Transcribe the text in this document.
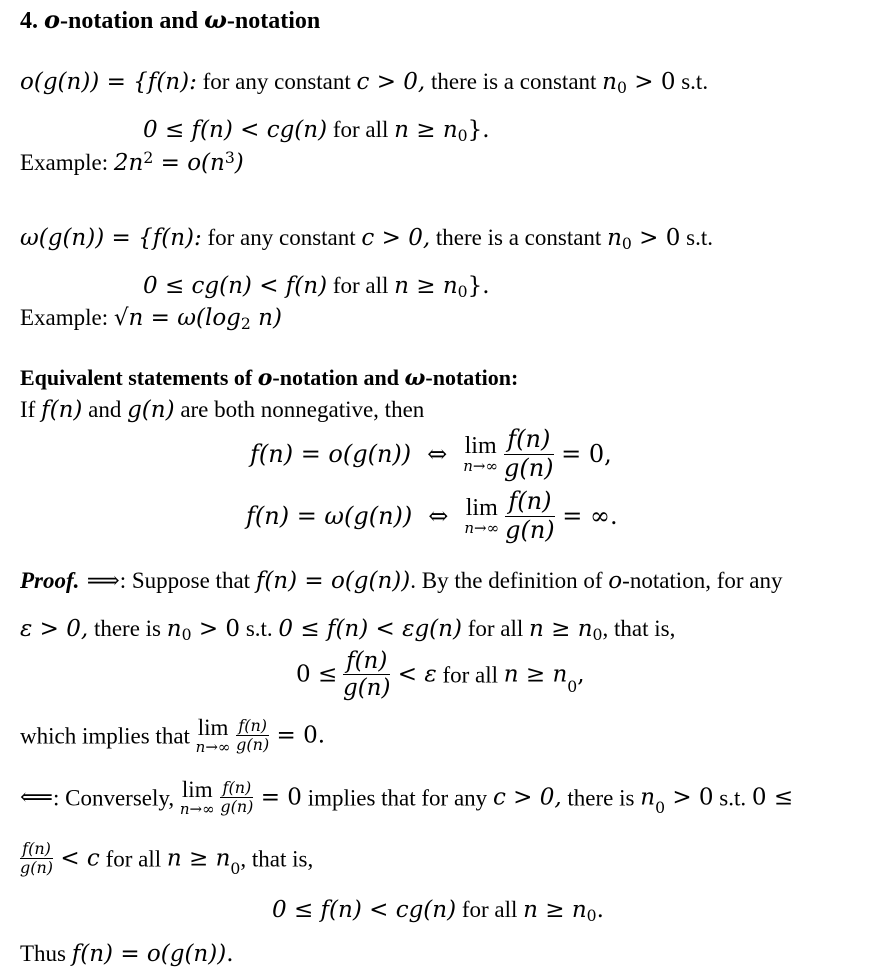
4. o-notation and ω-notation
o(g(n)) = {f(n): for any constant c > 0, there is a constant $n_0 > 0$ s.t.
0 ≤ f(n) < cg(n) for all $n \ge n_0$}.
Example: $2n^2 = o(n^3)$
ω(g(n)) = {f(n): for any constant c > 0, there is a constant $n_0 > 0$ s.t.
0 ≤ cg(n) < f(n) for all $n \ge n_0$}.
Example: $√n = \omega(\log_2$ n)
Equivalent statements of o-notation and ω-notation:
If f(n) and g(n) are both nonnegative, then
f(n) = o(g(n)) ⇔ lim
n→∞
$\frac{f(n)}{g(n)} = 0$,
f(n) = ω(g(n)) ⇔ lim
n→∞
$\frac{f(n)}{g(n)}$ = ∞.
Proof. ⟹: Suppose that f(n) = o(g(n)). By the definition of o-notation, for any
ε > 0, there is $n_0 > 0$ s.t. 0 ≤ f(n) < εg(n) for all $n \ge n_0$, that is,
$0 \le \frac{f(n)}{g(n)} < \varepsilon$ for all $n \ge n_0$,
which implies that lim
n→∞
$\frac{f(n)}{g(n)} = 0$.
⟸: Conversely, lim
n→∞
$\frac{f(n)}{g(n)} = 0$ implies that for any c > 0, there is $n_0 > 0$ s.t. 0 ≤
$\frac{f(n)}{g(n)} < c$ for all $n \ge n_0$, that is,
0 ≤ f(n) < cg(n) for all $n \ge n_0$.
Thus f(n) = o(g(n)).
